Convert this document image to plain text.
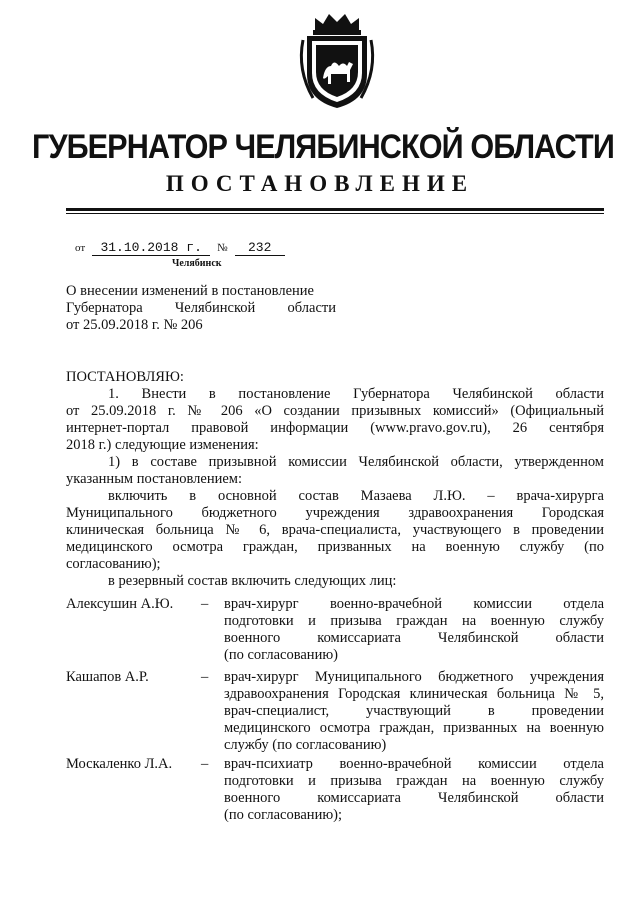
ГУБЕРНАТОР ЧЕЛЯБИНСКОЙ ОБЛАСТИ
ПОСТАНОВЛЕНИЕ
от 31.10.2018 г. № 232
Челябинск
О внесении изменений в постановление
Губернатора Челябинской области
от 25.09.2018 г. № 206
ПОСТАНОВЛЯЮ:
1. Внести в постановление Губернатора Челябинской области
от 25.09.2018 г. № 206 «О создании призывных комиссий» (Официальный
интернет-портал правовой информации (www.pravo.gov.ru), 26 сентября
2018 г.) следующие изменения:
1) в составе призывной комиссии Челябинской области, утвержденном
указанным постановлением:
включить в основной состав Мазаева Л.Ю. – врача-хирурга
Муниципального бюджетного учреждения здравоохранения Городская
клиническая больница № 6, врача-специалиста, участвующего в проведении
медицинского осмотра граждан, призванных на военную службу (по
согласованию);
в резервный состав включить следующих лиц:
Алексушин А.Ю. – врач-хирург военно-врачебной комиссии отдела
подготовки и призыва граждан на военную службу
военного комиссариата Челябинской области
(по согласованию)
Кашапов А.Р.	– врач-хирург Муниципального бюджетного учреждения
здравоохранения Городская клиническая больница № 5,
врач-специалист, участвующий в проведении
медицинского осмотра граждан, призванных на военную
службу (по согласованию)
Москаленко Л.А. – врач-психиатр военно-врачебной комиссии отдела
подготовки и призыва граждан на военную службу
военного комиссариата Челябинской области
(по согласованию);
